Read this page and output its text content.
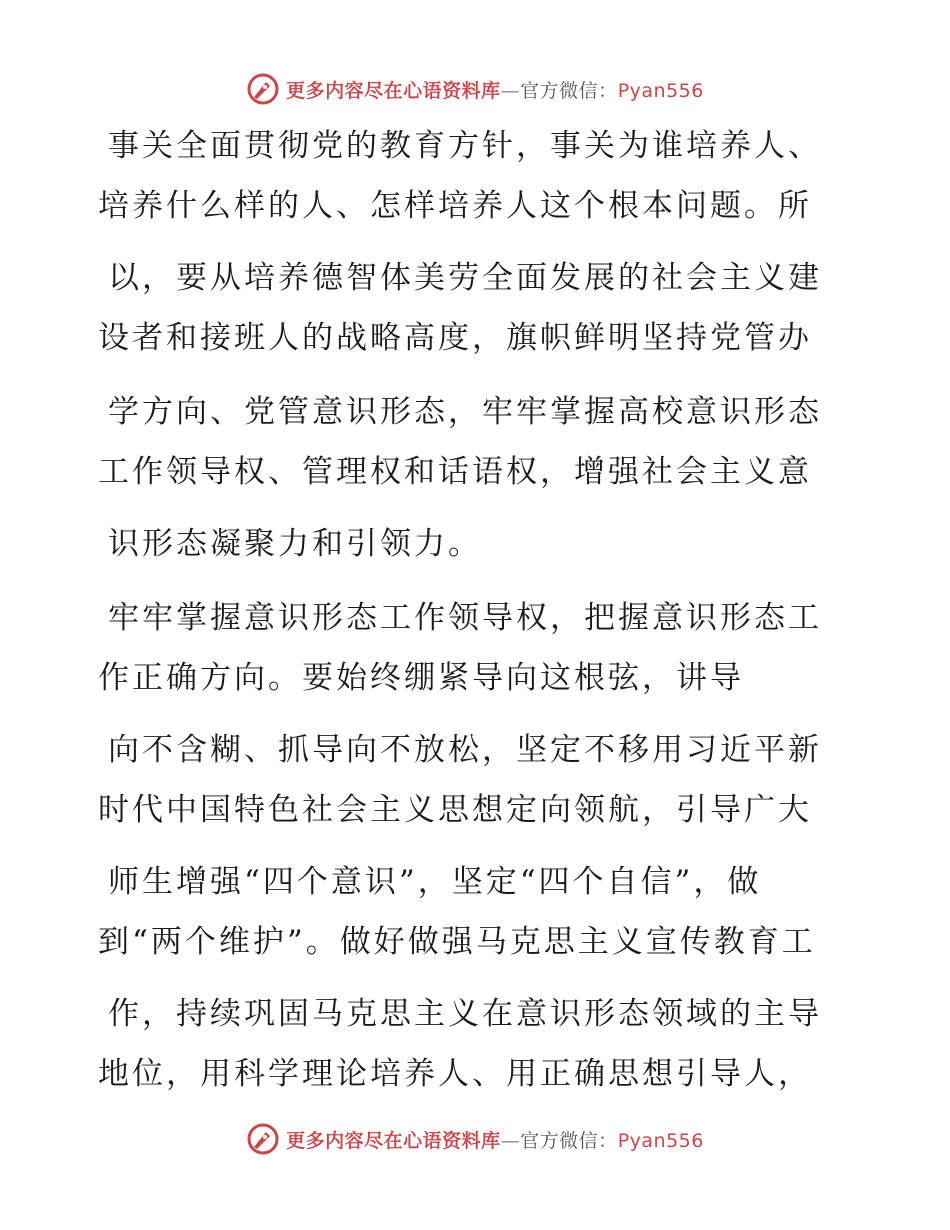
更多内容尽在心语资料库—官方微信：Pyan556
事关全面贯彻党的教育方针，事关为谁培养人、
培养什么样的人、怎样培养人这个根本问题。所
以，要从培养德智体美劳全面发展的社会主义建
设者和接班人的战略高度，旗帜鲜明坚持党管办
学方向、党管意识形态，牢牢掌握高校意识形态
工作领导权、管理权和话语权，增强社会主义意
识形态凝聚力和引领力。
牢牢掌握意识形态工作领导权，把握意识形态工
作正确方向。要始终绷紧导向这根弦，讲导
向不含糊、抓导向不放松，坚定不移用习近平新
时代中国特色社会主义思想定向领航，引导广大
师生增强“四个意识”，坚定“四个自信”，做
到“两个维护”。做好做强马克思主义宣传教育工
作，持续巩固马克思主义在意识形态领域的主导
地位，用科学理论培养人、用正确思想引导人，
更多内容尽在心语资料库—官方微信：Pyan556
